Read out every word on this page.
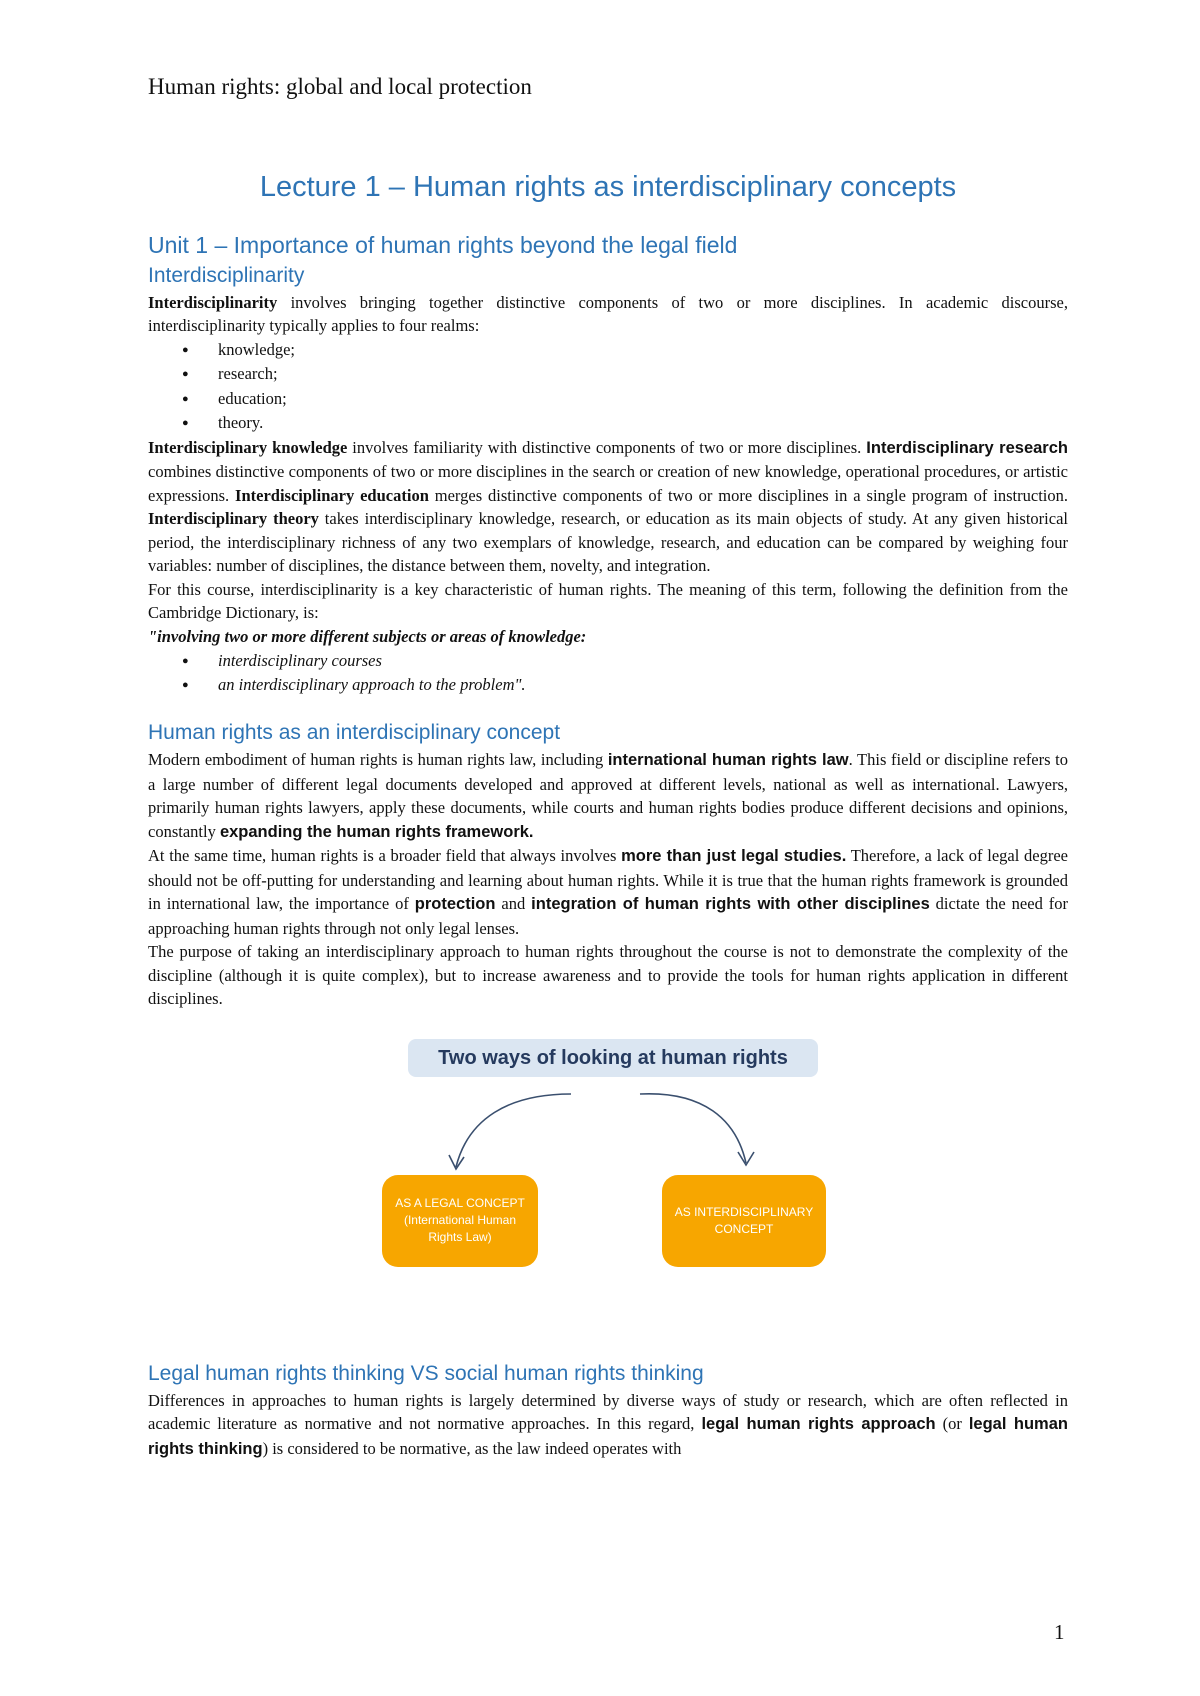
Human rights: global and local protection
Lecture 1 – Human rights as interdisciplinary concepts
Unit 1 – Importance of human rights beyond the legal field
Interdisciplinarity

Interdisciplinarity involves bringing together distinctive components of two or more disciplines. In academic discourse, interdisciplinarity typically applies to four realms:

● knowledge;
● research;
● education;
● theory.

Interdisciplinary knowledge involves familiarity with distinctive components of two or more disciplines. Interdisciplinary research combines distinctive components of two or more disciplines in the search or creation of new knowledge, operational procedures, or artistic expressions. Interdisciplinary education merges distinctive components of two or more disciplines in a single program of instruction. Interdisciplinary theory takes interdisciplinary knowledge, research, or education as its main objects of study. At any given historical period, the interdisciplinary richness of any two exemplars of knowledge, research, and education can be compared by weighing four variables: number of disciplines, the distance between them, novelty, and integration.

For this course, interdisciplinarity is a key characteristic of human rights. The meaning of this term, following the definition from the Cambridge Dictionary, is:

"involving two or more different subjects or areas of knowledge:
● interdisciplinary courses
● an interdisciplinary approach to the problem".
Human rights as an interdisciplinary concept

Modern embodiment of human rights is human rights law, including international human rights law. This field or discipline refers to a large number of different legal documents developed and approved at different levels, national as well as international. Lawyers, primarily human rights lawyers, apply these documents, while courts and human rights bodies produce different decisions and opinions, constantly expanding the human rights framework.

At the same time, human rights is a broader field that always involves more than just legal studies. Therefore, a lack of legal degree should not be off-putting for understanding and learning about human rights. While it is true that the human rights framework is grounded in international law, the importance of protection and integration of human rights with other disciplines dictate the need for approaching human rights through not only legal lenses.

The purpose of taking an interdisciplinary approach to human rights throughout the course is not to demonstrate the complexity of the discipline (although it is quite complex), but to increase awareness and to provide the tools for human rights application in different disciplines.

Two ways of looking at human rights
AS A LEGAL CONCEPT
(International Human
Rights Law)
AS INTERDISCIPLINARY
CONCEPT
Legal human rights thinking VS social human rights thinking

Differences in approaches to human rights is largely determined by diverse ways of study or research, which are often reflected in academic literature as normative and not normative approaches. In this regard, legal human rights approach (or legal human rights thinking) is considered to be normative, as the law indeed operates with

1
